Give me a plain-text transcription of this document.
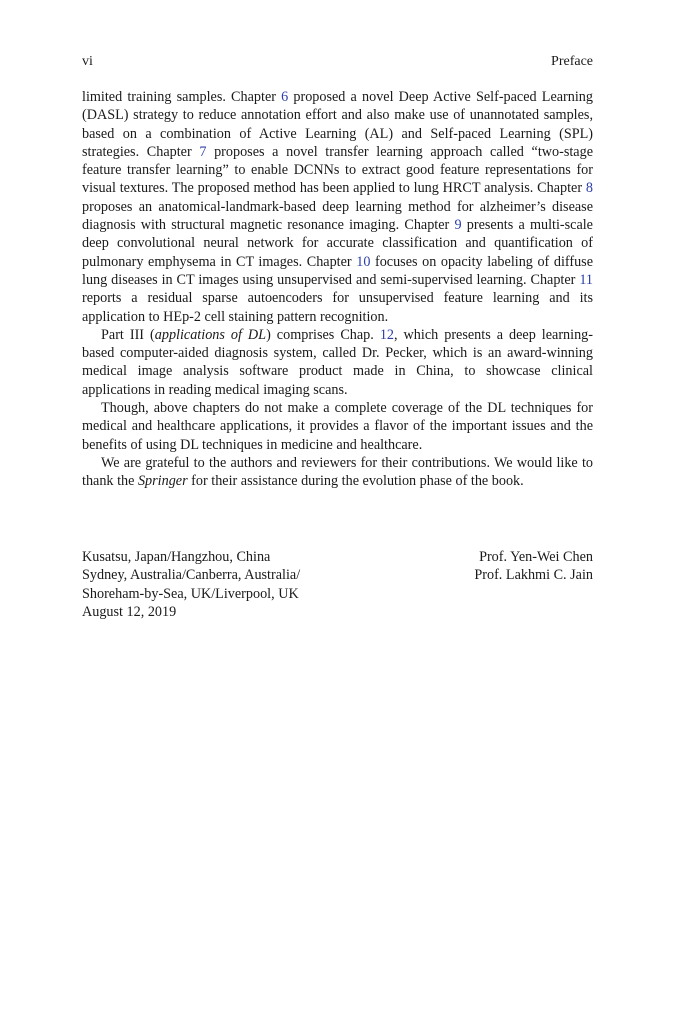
vi	Preface

limited training samples. Chapter 6 proposed a novel Deep Active Self-paced Learning (DASL) strategy to reduce annotation effort and also make use of unannotated samples, based on a combination of Active Learning (AL) and Self-paced Learning (SPL) strategies. Chapter 7 proposes a novel transfer learning approach called “two-stage feature transfer learning” to enable DCNNs to extract good feature representations for visual textures. The proposed method has been applied to lung HRCT analysis. Chapter 8 proposes an anatomical-landmark-based deep learning method for alzheimer’s disease diagnosis with structural magnetic resonance imaging. Chapter 9 presents a multi-scale deep convolutional neural network for accurate classification and quantification of pulmonary emphysema in CT images. Chapter 10 focuses on opacity labeling of diffuse lung diseases in CT images using unsupervised and semi-supervised learning. Chapter 11 reports a residual sparse autoencoders for unsupervised feature learning and its application to HEp-2 cell staining pattern recognition.

Part III (applications of DL) comprises Chap. 12, which presents a deep learning-based computer-aided diagnosis system, called Dr. Pecker, which is an award-winning medical image analysis software product made in China, to showcase clinical applications in reading medical imaging scans.

Though, above chapters do not make a complete coverage of the DL techniques for medical and healthcare applications, it provides a flavor of the important issues and the benefits of using DL techniques in medicine and healthcare.

We are grateful to the authors and reviewers for their contributions. We would like to thank the Springer for their assistance during the evolution phase of the book.

Kusatsu, Japan/Hangzhou, China
Sydney, Australia/Canberra, Australia/
Shoreham-by-Sea, UK/Liverpool, UK
August 12, 2019
Prof. Yen-Wei Chen
Prof. Lakhmi C. Jain
